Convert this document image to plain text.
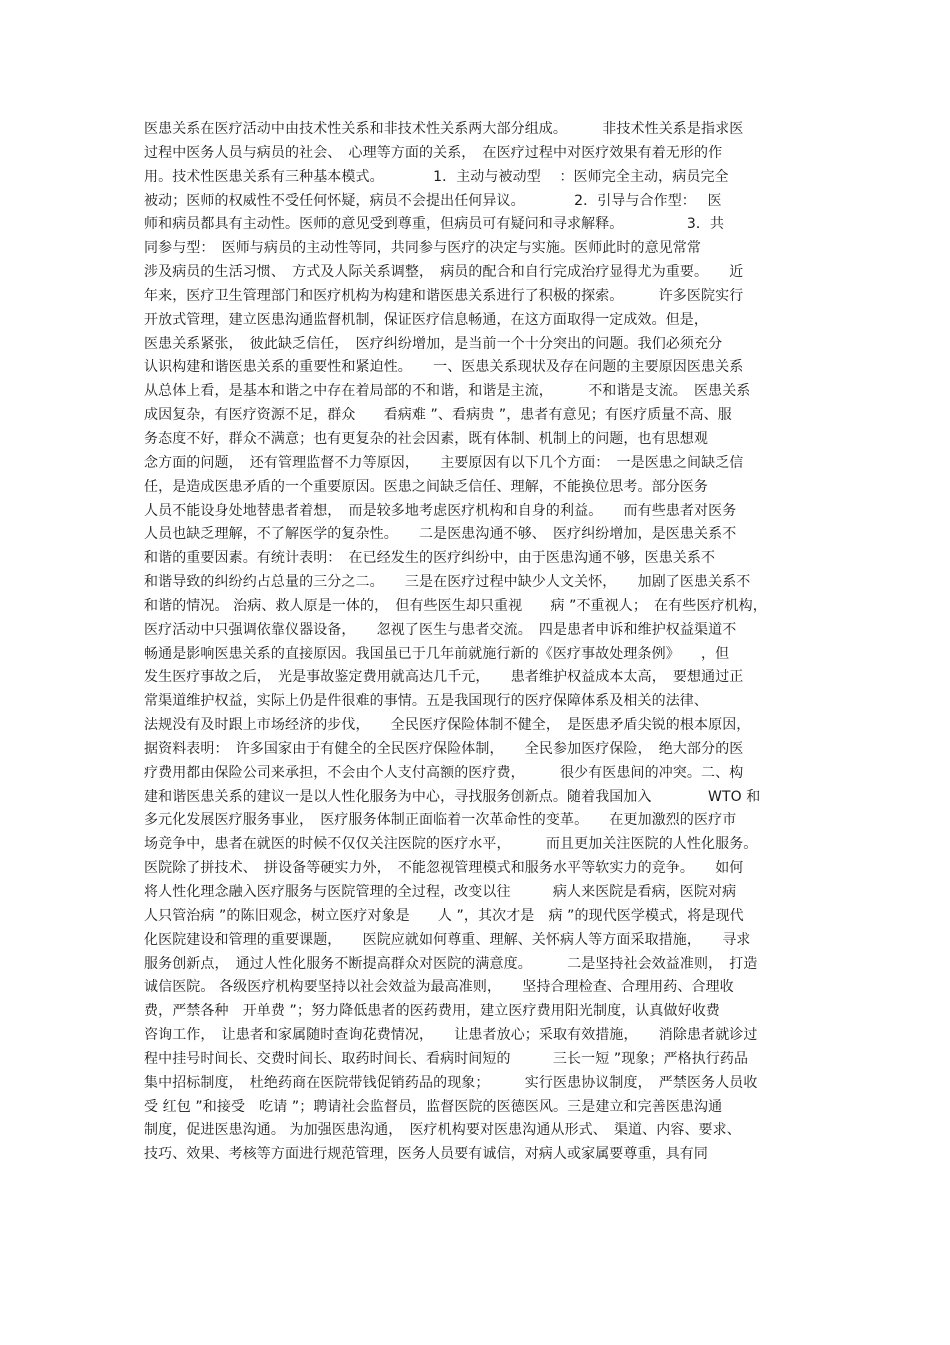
医患关系在医疗活动中由技术性关系和非技术性关系两大部分组成。　　　非技术性关系是指求医
过程中医务人员与病员的社会、　心理等方面的关系，　在医疗过程中对医疗效果有着无形的作
用。技术性医患关系有三种基本模式。　　　　1．主动与被动型　 ：医师完全主动，病员完全
被动；医师的权威性不受任何怀疑，病员不会提出任何异议。　　　　2．引导与合作型：　 医
师和病员都具有主动性。医师的意见受到尊重，但病员可有疑问和寻求解释。　　　　　3．共
同参与型：　医师与病员的主动性等同，共同参与医疗的决定与实施。医师此时的意见常常
涉及病员的生活习惯、　方式及人际关系调整，　病员的配合和自行完成治疗显得尤为重要。　　近
年来，医疗卫生管理部门和医疗机构为构建和谐医患关系进行了积极的探索。　　　许多医院实行
开放式管理，建立医患沟通监督机制，保证医疗信息畅通，在这方面取得一定成效。但是，
医患关系紧张，　彼此缺乏信任，　医疗纠纷增加，是当前一个十分突出的问题。我们必须充分
认识构建和谐医患关系的重要性和紧迫性。　　一、医患关系现状及存在问题的主要原因医患关系
从总体上看，是基本和谐之中存在着局部的不和谐，和谐是主流，　　　不和谐是支流。　医患关系
成因复杂，有医疗资源不足，群众　　看病难 ”、看病贵 ”，患者有意见；有医疗质量不高、服
务态度不好，群众不满意；也有更复杂的社会因素，既有体制、机制上的问题，也有思想观
念方面的问题，　还有管理监督不力等原因，　　主要原因有以下几个方面：　一是医患之间缺乏信
任，是造成医患矛盾的一个重要原因。医患之间缺乏信任、理解，不能换位思考。部分医务
人员不能设身处地替患者着想，　而是较多地考虑医疗机构和自身的利益。　　而有些患者对医务
人员也缺乏理解，不了解医学的复杂性。　　二是医患沟通不够、　医疗纠纷增加，是医患关系不
和谐的重要因素。有统计表明：　在已经发生的医疗纠纷中，由于医患沟通不够，医患关系不
和谐导致的纠纷约占总量的三分之二。　　三是在医疗过程中缺少人文关怀，　　加剧了医患关系不
和谐的情况。 治病、救人原是一体的，　但有些医生却只重视　　病 ”不重视人；　在有些医疗机构，
医疗活动中只强调依靠仪器设备，　　忽视了医生与患者交流。　四是患者申诉和维护权益渠道不
畅通是影响医患关系的直接原因。我国虽已于几年前就施行新的《医疗事故处理条例》　　，但
发生医疗事故之后，　光是事故鉴定费用就高达几千元，　　患者维护权益成本太高，　要想通过正
常渠道维护权益，实际上仍是件很难的事情。五是我国现行的医疗保障体系及相关的法律、
法规没有及时跟上市场经济的步伐，　　全民医疗保险体制不健全，　是医患矛盾尖锐的根本原因，
据资料表明：　许多国家由于有健全的全民医疗保险体制，　　全民参加医疗保险，　绝大部分的医
疗费用都由保险公司来承担，不会由个人支付高额的医疗费，　　　很少有医患间的冲突。二、构
建和谐医患关系的建议一是以人性化服务为中心，寻找服务创新点。随着我国加入　　　　WTO 和
多元化发展医疗服务事业，　医疗服务体制正面临着一次革命性的变革。　　在更加激烈的医疗市
场竞争中，患者在就医的时候不仅仅关注医院的医疗水平，　　　而且更加关注医院的人性化服务。
医院除了拼技术、　拼设备等硬实力外，　不能忽视管理模式和服务水平等软实力的竞争。　　如何
将人性化理念融入医疗服务与医院管理的全过程，改变以往　　　病人来医院是看病，医院对病
人只管治病 ”的陈旧观念，树立医疗对象是　　人 ”，其次才是　病 ”的现代医学模式，将是现代
化医院建设和管理的重要课题，　　医院应就如何尊重、理解、关怀病人等方面采取措施，　　寻求
服务创新点，　通过人性化服务不断提高群众对医院的满意度。　　　二是坚持社会效益准则，　打造
诚信医院。 各级医疗机构要坚持以社会效益为最高准则，　　坚持合理检查、合理用药、合理收
费，严禁各种　开单费 ”；努力降低患者的医药费用，建立医疗费用阳光制度，认真做好收费
咨询工作，　让患者和家属随时查询花费情况，　　让患者放心；采取有效措施，　　消除患者就诊过
程中挂号时间长、交费时间长、取药时间长、看病时间短的　　　三长一短 ”现象；严格执行药品
集中招标制度，　杜绝药商在医院带钱促销药品的现象；　　　实行医患协议制度，　严禁医务人员收
受 红包 ”和接受　吃请 ”；聘请社会监督员，监督医院的医德医风。三是建立和完善医患沟通
制度，促进医患沟通。 为加强医患沟通，　医疗机构要对医患沟通从形式、　渠道、内容、要求、
技巧、效果、考核等方面进行规范管理，医务人员要有诚信，对病人或家属要尊重，具有同
